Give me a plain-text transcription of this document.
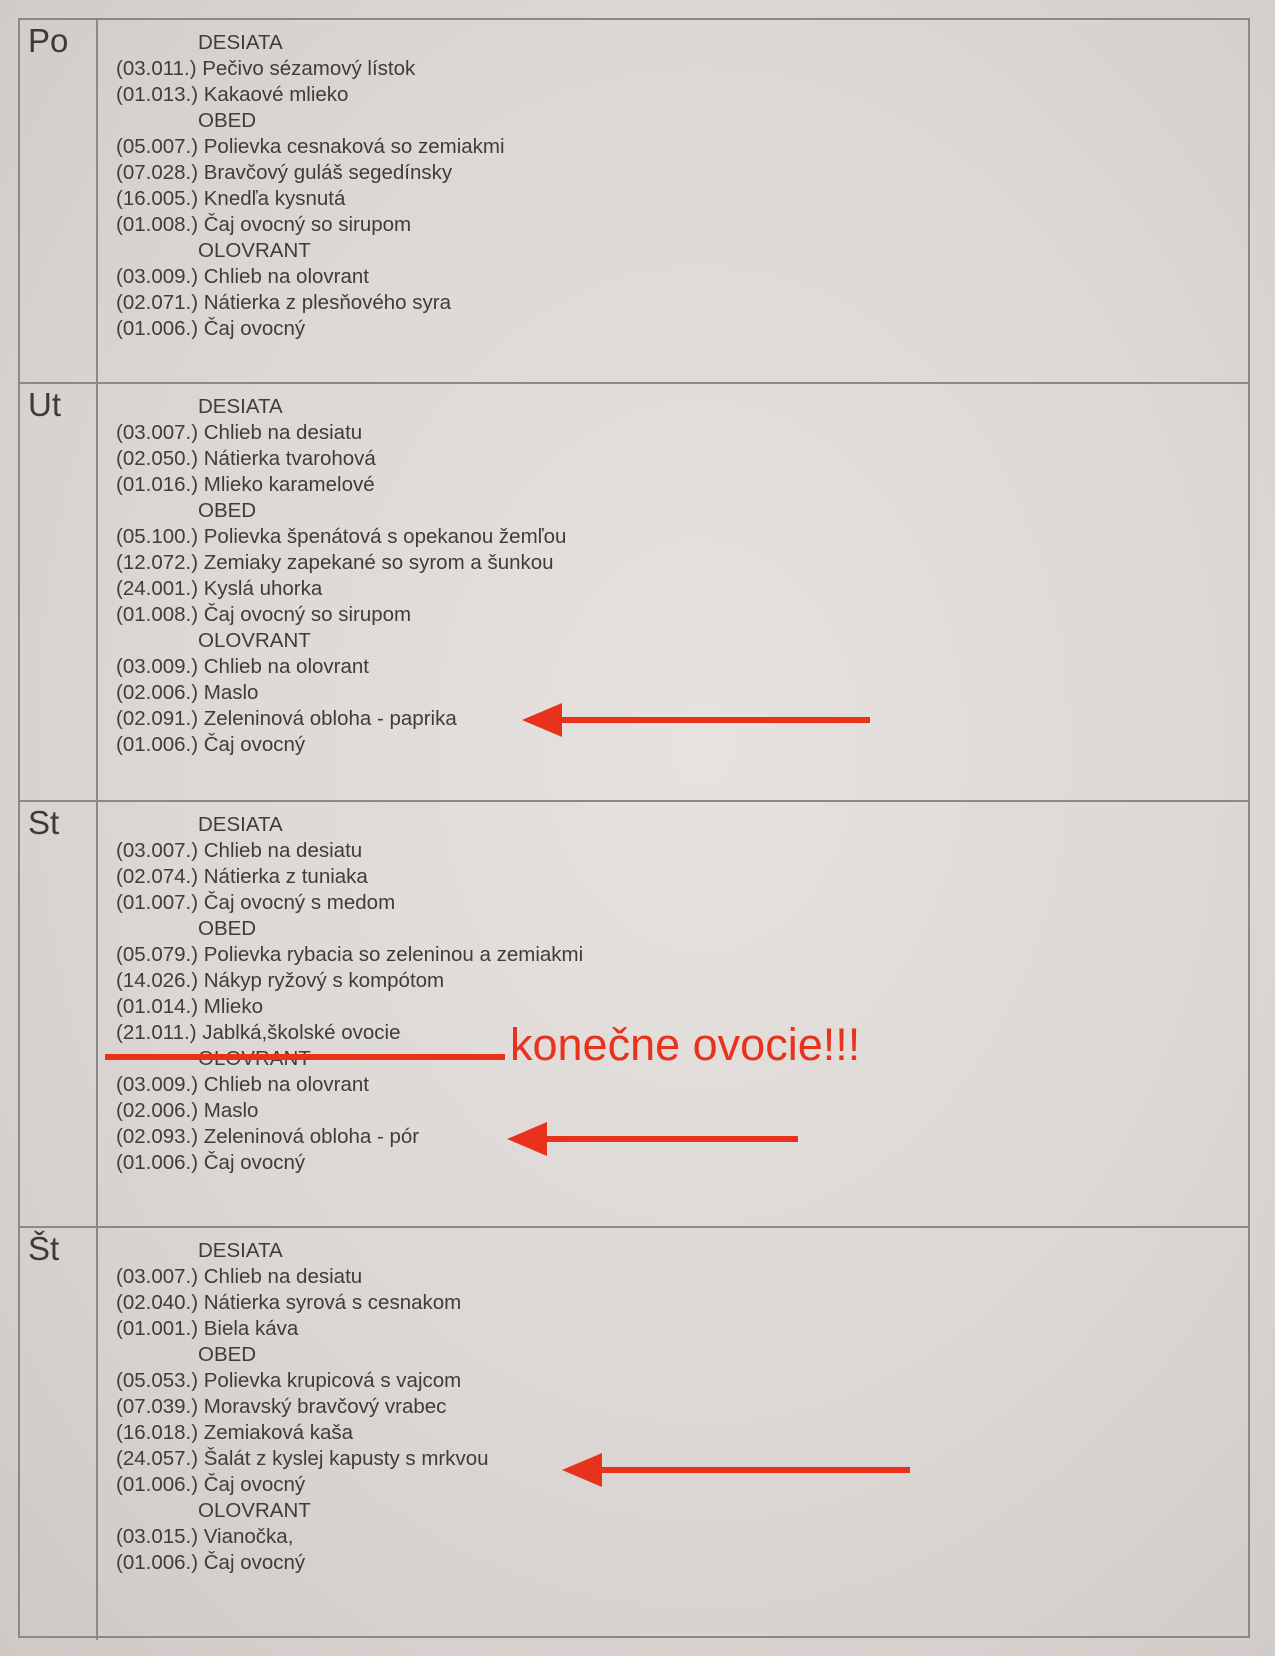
Po	DESIATA
(03.011.) Pečivo sézamový lístok
(01.013.) Kakaové mlieko
OBED
(05.007.) Polievka cesnaková so zemiakmi
(07.028.) Bravčový guláš segedínsky
(16.005.) Knedľa kysnutá
(01.008.) Čaj ovocný so sirupom
OLOVRANT
(03.009.) Chlieb na olovrant
(02.071.) Nátierka z plesňového syra
(01.006.) Čaj ovocný
Ut	DESIATA
(03.007.) Chlieb na desiatu
(02.050.) Nátierka tvarohová
(01.016.) Mlieko karamelové
OBED
(05.100.) Polievka špenátová s opekanou žemľou
(12.072.) Zemiaky zapekané so syrom a šunkou
(24.001.) Kyslá uhorka
(01.008.) Čaj ovocný so sirupom
OLOVRANT
(03.009.) Chlieb na olovrant
(02.006.) Maslo
(02.091.) Zeleninová obloha - paprika
(01.006.) Čaj ovocný
St	DESIATA
(03.007.) Chlieb na desiatu
(02.074.) Nátierka z tuniaka
(01.007.) Čaj ovocný s medom
OBED
(05.079.) Polievka rybacia so zeleninou a zemiakmi
(14.026.) Nákyp ryžový s kompótom
(01.014.) Mlieko
(21.011.) Jablká,školské ovocie
OLOVRANT
(03.009.) Chlieb na olovrant
(02.006.) Maslo
(02.093.) Zeleninová obloha - pór
(01.006.) Čaj ovocný
Št	DESIATA
(03.007.) Chlieb na desiatu
(02.040.) Nátierka syrová s cesnakom
(01.001.) Biela káva
OBED
(05.053.) Polievka krupicová s vajcom
(07.039.) Moravský bravčový vrabec
(16.018.) Zemiaková kaša
(24.057.) Šalát z kyslej kapusty s mrkvou
(01.006.) Čaj ovocný
OLOVRANT
(03.015.) Vianočka,
(01.006.) Čaj ovocný
konečne ovocie!!!
